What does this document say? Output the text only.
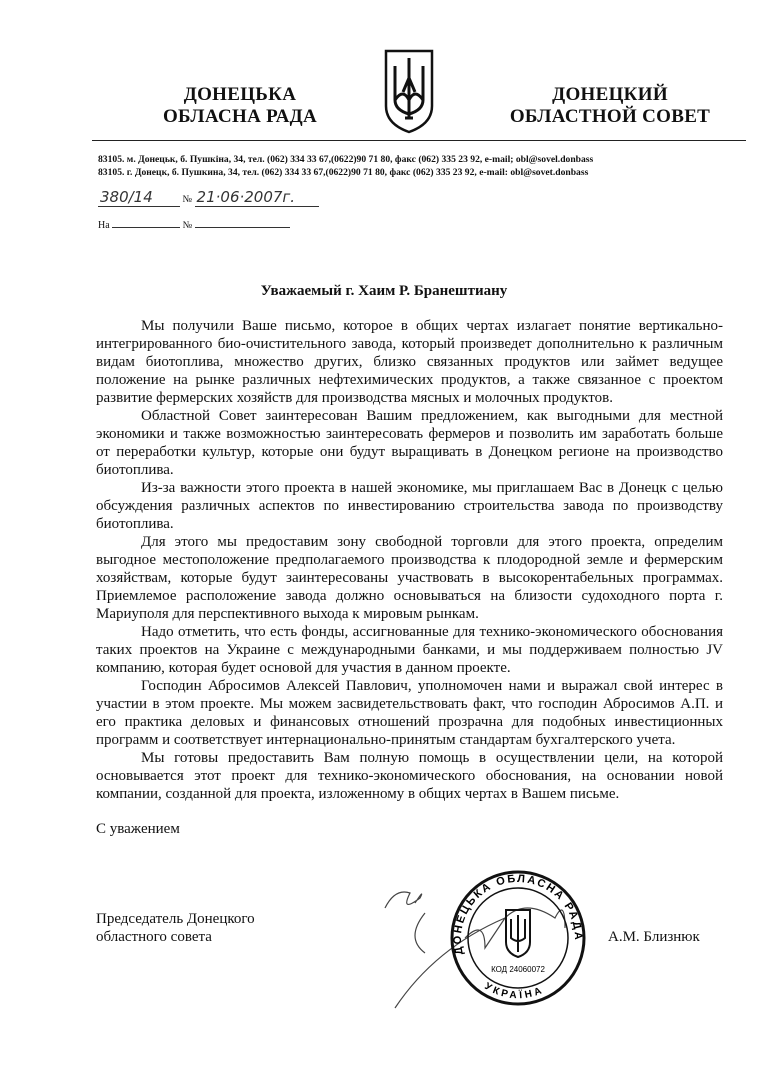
ДОНЕЦЬКА
ОБЛАСНА РАДА
ДОНЕЦКИЙ
ОБЛАСТНОЙ СОВЕТ
83105. м. Донецьк, б. Пушкіна, 34, тел. (062) 334 33 67,(0622)90 71 80, факс (062) 335 23 92, e-mail; obl@sovel.donbass
83105. г. Донецк, б. Пушкина, 34, тел. (062) 334 33 67,(0622)90 71 80, факс (062) 335 23 92, e-mail: obl@sovet.donbass
380/14	№ 21·06·2007г.
На	№
Уважаемый г. Хаим Р. Бранештиану

Мы получили Ваше письмо, которое в общих чертах излагает понятие вертикально-интегрированного био-очистительного завода, который произведет дополнительно к различным видам биотоплива, множество других, близко связанных продуктов или займет ведущее положение на рынке различных нефтехимических продуктов, а также связанное с проектом развитие фермерских хозяйств для производства мясных и молочных продуктов.

Областной Совет заинтересован Вашим предложением, как выгодными для местной экономики и также возможностью заинтересовать фермеров и позволить им заработать больше от переработки культур, которые они будут выращивать в Донецком регионе на производство биотоплива.

Из-за важности этого проекта в нашей экономике, мы приглашаем Вас в Донецк с целью обсуждения различных аспектов по инвестированию строительства завода по производству биотоплива.

Для этого мы предоставим зону свободной торговли для этого проекта, определим выгодное местоположение предполагаемого производства к плодородной земле и фермерским хозяйствам, которые будут заинтересованы участвовать в высокорентабельных программах. Приемлемое расположение завода должно основываться на близости судоходного порта г. Мариуполя для перспективного выхода к мировым рынкам.

Надо отметить, что есть фонды, ассигнованные для технико-экономического обоснования таких проектов на Украине с международными банками, и мы поддерживаем полностью JV компанию, которая будет основой для участия в данном проекте.

Господин Абросимов Алексей Павлович, уполномочен нами и выражал свой интерес в участии в этом проекте. Мы можем засвидетельствовать факт, что господин Абросимов А.П. и его практика деловых и финансовых отношений прозрачна для подобных инвестиционных программ и соответствует интернационально-принятым стандартам бухгалтерского учета.

Мы готовы предоставить Вам полную помощь в осуществлении цели, на которой основывается этот проект для технико-экономического обоснования, на основании новой компании, созданной для проекта, изложенному в общих чертах в Вашем письме.

С уважением
Председатель Донецкого
областного совета
ДОНЕЦЬКА ОБЛАСНА РАДА
УКРАЇНА
КОД 24060072
А.М. Близнюк
